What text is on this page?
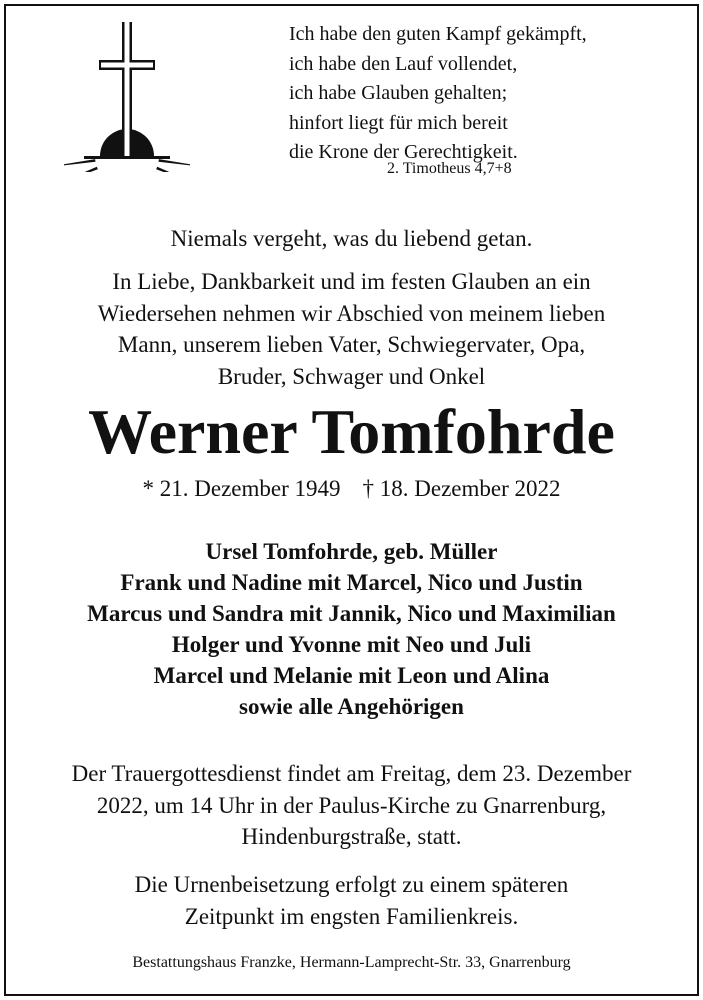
Ich habe den guten Kampf gekämpft,
ich habe den Lauf vollendet,
ich habe Glauben gehalten;
hinfort liegt für mich bereit
die Krone der Gerechtigkeit.
2. Timotheus 4,7+8
Niemals vergeht, was du liebend getan.
In Liebe, Dankbarkeit und im festen Glauben an ein
Wiedersehen nehmen wir Abschied von meinem lieben
Mann, unserem lieben Vater, Schwiegervater, Opa,
Bruder, Schwager und Onkel
Werner Tomfohrde
* 21. Dezember 1949 † 18. Dezember 2022
Ursel Tomfohrde, geb. Müller
Frank und Nadine mit Marcel, Nico und Justin
Marcus und Sandra mit Jannik, Nico und Maximilian
Holger und Yvonne mit Neo und Juli
Marcel und Melanie mit Leon und Alina
sowie alle Angehörigen
Der Trauergottesdienst findet am Freitag, dem 23. Dezember
2022, um 14 Uhr in der Paulus-Kirche zu Gnarrenburg,
Hindenburgstraße, statt.
Die Urnenbeisetzung erfolgt zu einem späteren
Zeitpunkt im engsten Familienkreis.
Bestattungshaus Franzke, Hermann-Lamprecht-Str. 33, Gnarrenburg
